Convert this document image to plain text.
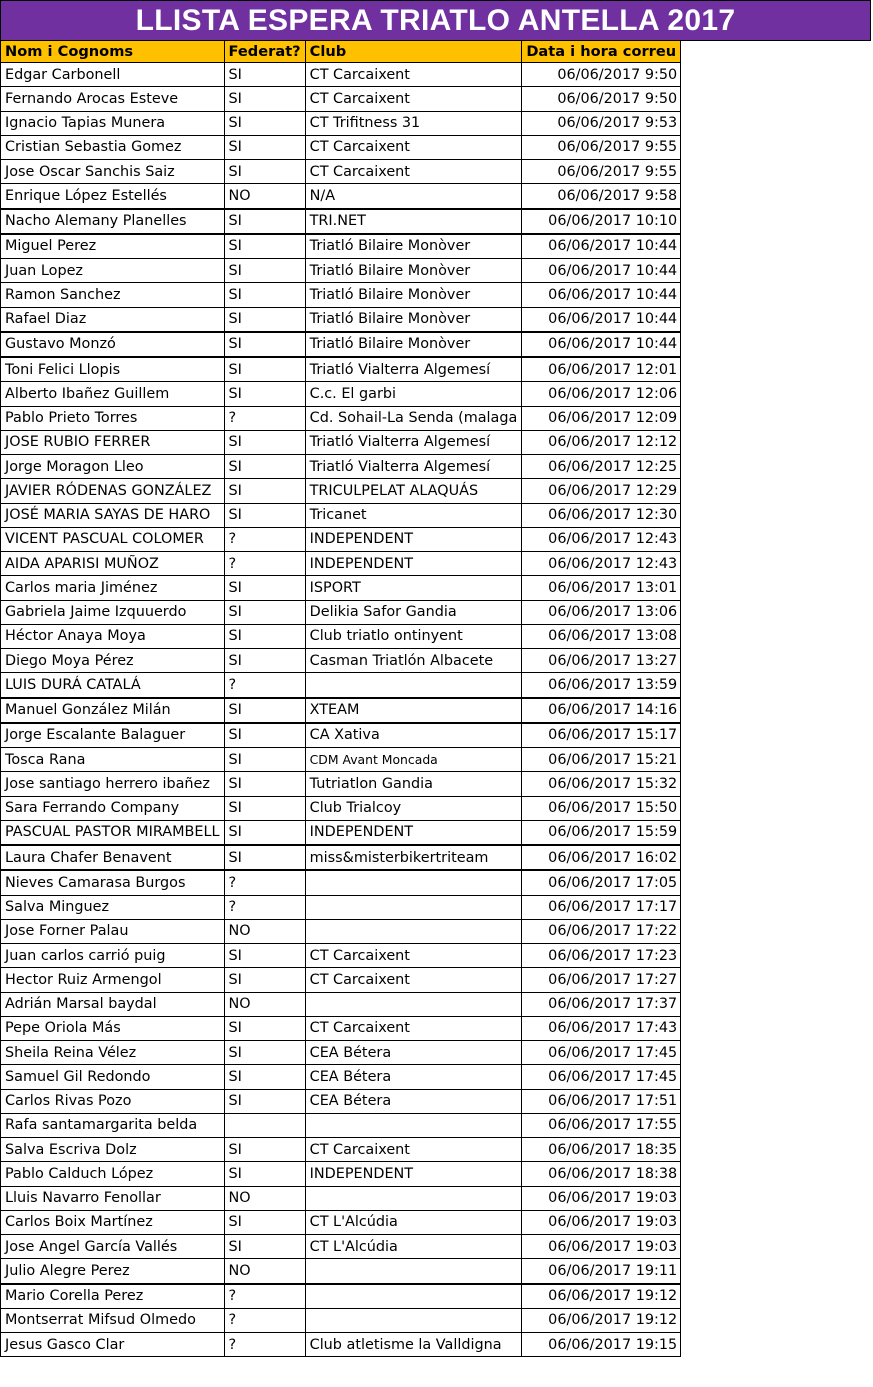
LLISTA ESPERA TRIATLO ANTELLA 2017
Nom i Cognoms	Federat?	Club	Data i hora correu
Edgar Carbonell	SI	CT Carcaixent	06/06/2017 9:50
Fernando Arocas Esteve	SI	CT Carcaixent	06/06/2017 9:50
Ignacio Tapias Munera	SI	CT Trifitness 31	06/06/2017 9:53
Cristian Sebastia Gomez	SI	CT Carcaixent	06/06/2017 9:55
Jose Oscar Sanchis Saiz	SI	CT Carcaixent	06/06/2017 9:55
Enrique López Estellés	NO	N/A	06/06/2017 9:58
Nacho Alemany Planelles	SI	TRI.NET	06/06/2017 10:10
Miguel Perez	SI	Triatló Bilaire Monòver	06/06/2017 10:44
Juan Lopez	SI	Triatló Bilaire Monòver	06/06/2017 10:44
Ramon Sanchez	SI	Triatló Bilaire Monòver	06/06/2017 10:44
Rafael Diaz	SI	Triatló Bilaire Monòver	06/06/2017 10:44
Gustavo Monzó	SI	Triatló Bilaire Monòver	06/06/2017 10:44
Toni Felici Llopis	SI	Triatló Vialterra Algemesí	06/06/2017 12:01
Alberto Ibañez Guillem	SI	C.c. El garbi	06/06/2017 12:06
Pablo Prieto Torres	?	Cd. Sohail-La Senda (malaga	06/06/2017 12:09
JOSE RUBIO FERRER	SI	Triatló Vialterra Algemesí	06/06/2017 12:12
Jorge Moragon Lleo	SI	Triatló Vialterra Algemesí	06/06/2017 12:25
JAVIER RÓDENAS GONZÁLEZ	SI	TRICULPELAT ALAQUÁS	06/06/2017 12:29
JOSÉ MARIA SAYAS DE HARO	SI	Tricanet	06/06/2017 12:30
VICENT PASCUAL COLOMER	?	INDEPENDENT	06/06/2017 12:43
AIDA APARISI MUÑOZ	?	INDEPENDENT	06/06/2017 12:43
Carlos maria Jiménez	SI	ISPORT	06/06/2017 13:01
Gabriela Jaime Izquuerdo	SI	Delikia Safor Gandia	06/06/2017 13:06
Héctor Anaya Moya	SI	Club triatlo ontinyent	06/06/2017 13:08
Diego Moya Pérez	SI	Casman Triatlón Albacete	06/06/2017 13:27
LUIS DURÁ CATALÁ	?		06/06/2017 13:59
Manuel González Milán	SI	XTEAM	06/06/2017 14:16
Jorge Escalante Balaguer	SI	CA Xativa	06/06/2017 15:17
Tosca Rana	SI	CDM Avant Moncada	06/06/2017 15:21
Jose santiago herrero ibañez	SI	Tutriatlon Gandia	06/06/2017 15:32
Sara Ferrando Company	SI	Club Trialcoy	06/06/2017 15:50
PASCUAL PASTOR MIRAMBELL	SI	INDEPENDENT	06/06/2017 15:59
Laura Chafer Benavent	SI	miss&misterbikertriteam	06/06/2017 16:02
Nieves Camarasa Burgos	?		06/06/2017 17:05
Salva Minguez	?		06/06/2017 17:17
Jose Forner Palau	NO		06/06/2017 17:22
Juan carlos carrió puig	SI	CT Carcaixent	06/06/2017 17:23
Hector Ruiz Armengol	SI	CT Carcaixent	06/06/2017 17:27
Adrián Marsal baydal	NO		06/06/2017 17:37
Pepe Oriola Más	SI	CT Carcaixent	06/06/2017 17:43
Sheila Reina Vélez	SI	CEA Bétera	06/06/2017 17:45
Samuel Gil Redondo	SI	CEA Bétera	06/06/2017 17:45
Carlos Rivas Pozo	SI	CEA Bétera	06/06/2017 17:51
Rafa santamargarita belda			06/06/2017 17:55
Salva Escriva Dolz	SI	CT Carcaixent	06/06/2017 18:35
Pablo Calduch López	SI	INDEPENDENT	06/06/2017 18:38
Lluis Navarro Fenollar	NO		06/06/2017 19:03
Carlos Boix Martínez	SI	CT L'Alcúdia	06/06/2017 19:03
Jose Angel García Vallés	SI	CT L'Alcúdia	06/06/2017 19:03
Julio Alegre Perez	NO		06/06/2017 19:11
Mario Corella Perez	?		06/06/2017 19:12
Montserrat Mifsud Olmedo	?		06/06/2017 19:12
Jesus Gasco Clar	?	Club atletisme la Valldigna	06/06/2017 19:15
